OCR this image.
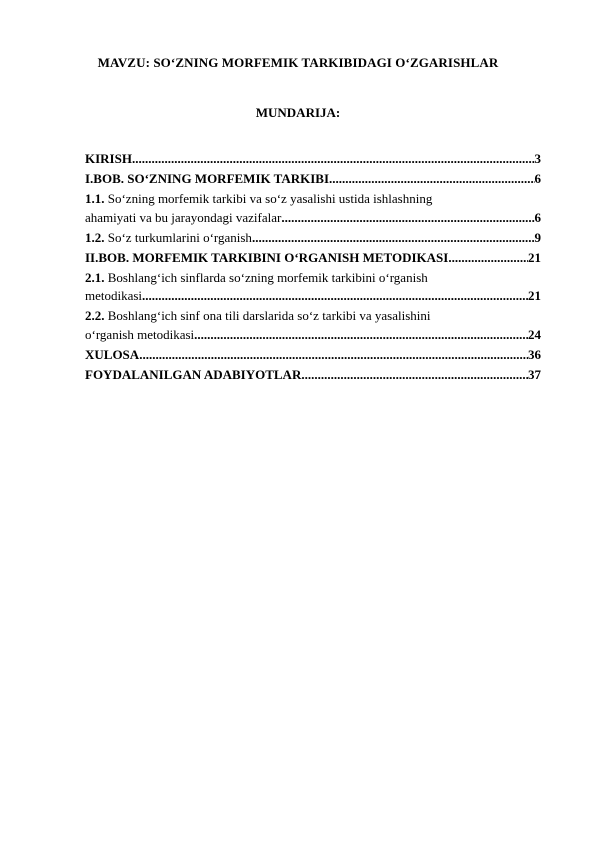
MAVZU: SO‘ZNING MORFEMIK TARKIBIDAGI O‘ZGARISHLAR
MUNDARIJA:
KIRISH .....	3
I.BOB. SO‘ZNING MORFEMIK TARKIBI .....	6
1.1. So‘zning morfemik tarkibi va so‘z yasalishi ustida ishlashning
ahamiyati va bu jarayondagi vazifalar .....	6
1.2. So‘z turkumlarini o‘rganish .....	9
II.BOB. MORFEMIK TARKIBINI O‘RGANISH METODIKASI .....	21
2.1. Boshlang‘ich sinflarda so‘zning morfemik tarkibini o‘rganish
metodikasi .....	21
2.2. Boshlang‘ich sinf ona tili darslarida so‘z tarkibi va yasalishini
o‘rganish metodikasi .....	24
XULOSA .....	36
FOYDALANILGAN ADABIYOTLAR .....	37
